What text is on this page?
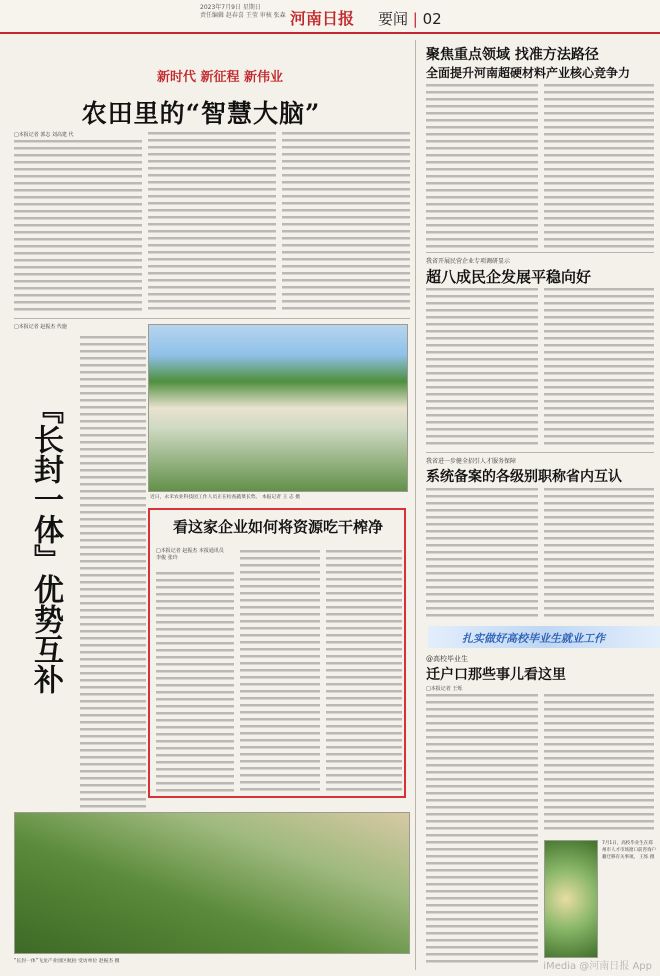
2023年7月9日 星期日
责任编辑 赵春喜 王莹 审核 张森 河南日报 要闻 | 02
新时代 新征程 新伟业
农田里的“智慧大脑”
□本报记者 郭志 刘高建 代
□本报记者 赵振杰 代施
『长封一体』优势互补	近日，永禾农业科技园工作人员正在检查蔬菜长势。 本报记者 王 志 摄
看这家企业如何将资源吃干榨净
□本报记者 赵振杰 本报通讯员 李俊 张玲
“长封一体”飞龙产业园区航拍 受访单位 赵振杰 摄
聚焦重点领域 找准方法路径
全面提升河南超硬材料产业核心竞争力
我省开展民营企业专项调研显示
超八成民企发展平稳向好
我省进一步健全招引人才服务保障
系统备案的各级别职称省内互认
扎实做好高校毕业生就业工作
@高校毕业生
迁户口那些事儿看这里
□本报记者 王烁
7月1日，高校毕业生在郑州市人才市场窗口前咨询户籍迁移有关事项。 王烁 摄
iMedia @河南日报 App
